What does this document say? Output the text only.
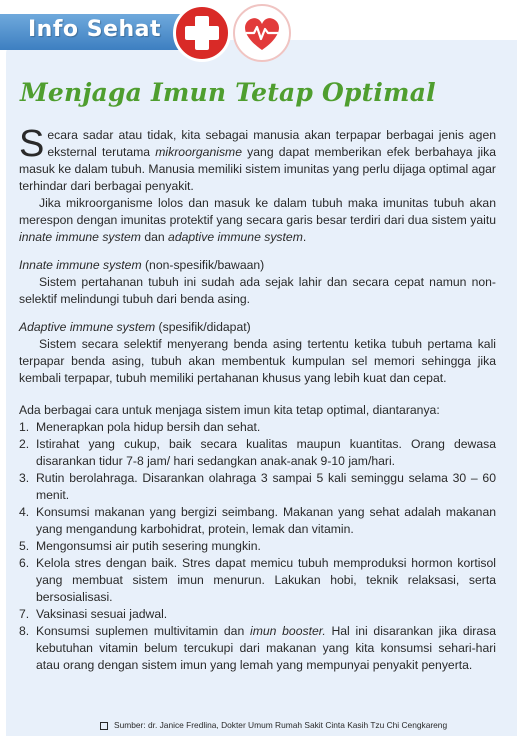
Info Sehat
Menjaga Imun Tetap Optimal

Secara sadar atau tidak, kita sebagai manusia akan terpapar berbagai jenis agen eksternal terutama mikroorganisme yang dapat memberikan efek berbahaya jika masuk ke dalam tubuh. Manusia memiliki sistem imunitas yang perlu dijaga optimal agar terhindar dari berbagai penyakit.

Jika mikroorganisme lolos dan masuk ke dalam tubuh maka imunitas tubuh akan merespon dengan imunitas protektif yang secara garis besar terdiri dari dua sistem yaitu innate immune system dan adaptive immune system.

Innate immune system (non-spesifik/bawaan)

Sistem pertahanan tubuh ini sudah ada sejak lahir dan secara cepat namun non-selektif melindungi tubuh dari benda asing.

Adaptive immune system (spesifik/didapat)

Sistem secara selektif menyerang benda asing tertentu ketika tubuh pertama kali terpapar benda asing, tubuh akan membentuk kumpulan sel memori sehingga jika kembali terpapar, tubuh memiliki pertahanan khusus yang lebih kuat dan cepat.

Ada berbagai cara untuk menjaga sistem imun kita tetap optimal, diantaranya:

1. Menerapkan pola hidup bersih dan sehat.
2. Istirahat yang cukup, baik secara kualitas maupun kuantitas. Orang dewasa disarankan tidur 7-8 jam/ hari sedangkan anak-anak 9-10 jam/hari.
3. Rutin berolahraga. Disarankan olahraga 3 sampai 5 kali seminggu selama 30 – 60 menit.
4. Konsumsi makanan yang bergizi seimbang. Makanan yang sehat adalah makanan yang mengandung karbohidrat, protein, lemak dan vitamin.
5. Mengonsumsi air putih sesering mungkin.
6. Kelola stres dengan baik. Stres dapat memicu tubuh memproduksi hormon kortisol yang membuat sistem imun menurun. Lakukan hobi, teknik relaksasi, serta bersosialisasi.
7. Vaksinasi sesuai jadwal.
8. Konsumsi suplemen multivitamin dan imun booster. Hal ini disarankan jika dirasa kebutuhan vitamin belum tercukupi dari makanan yang kita konsumsi sehari-hari atau orang dengan sistem imun yang lemah yang mempunyai penyakit penyerta.
Sumber: dr. Janice Fredlina, Dokter Umum Rumah Sakit Cinta Kasih Tzu Chi Cengkareng
